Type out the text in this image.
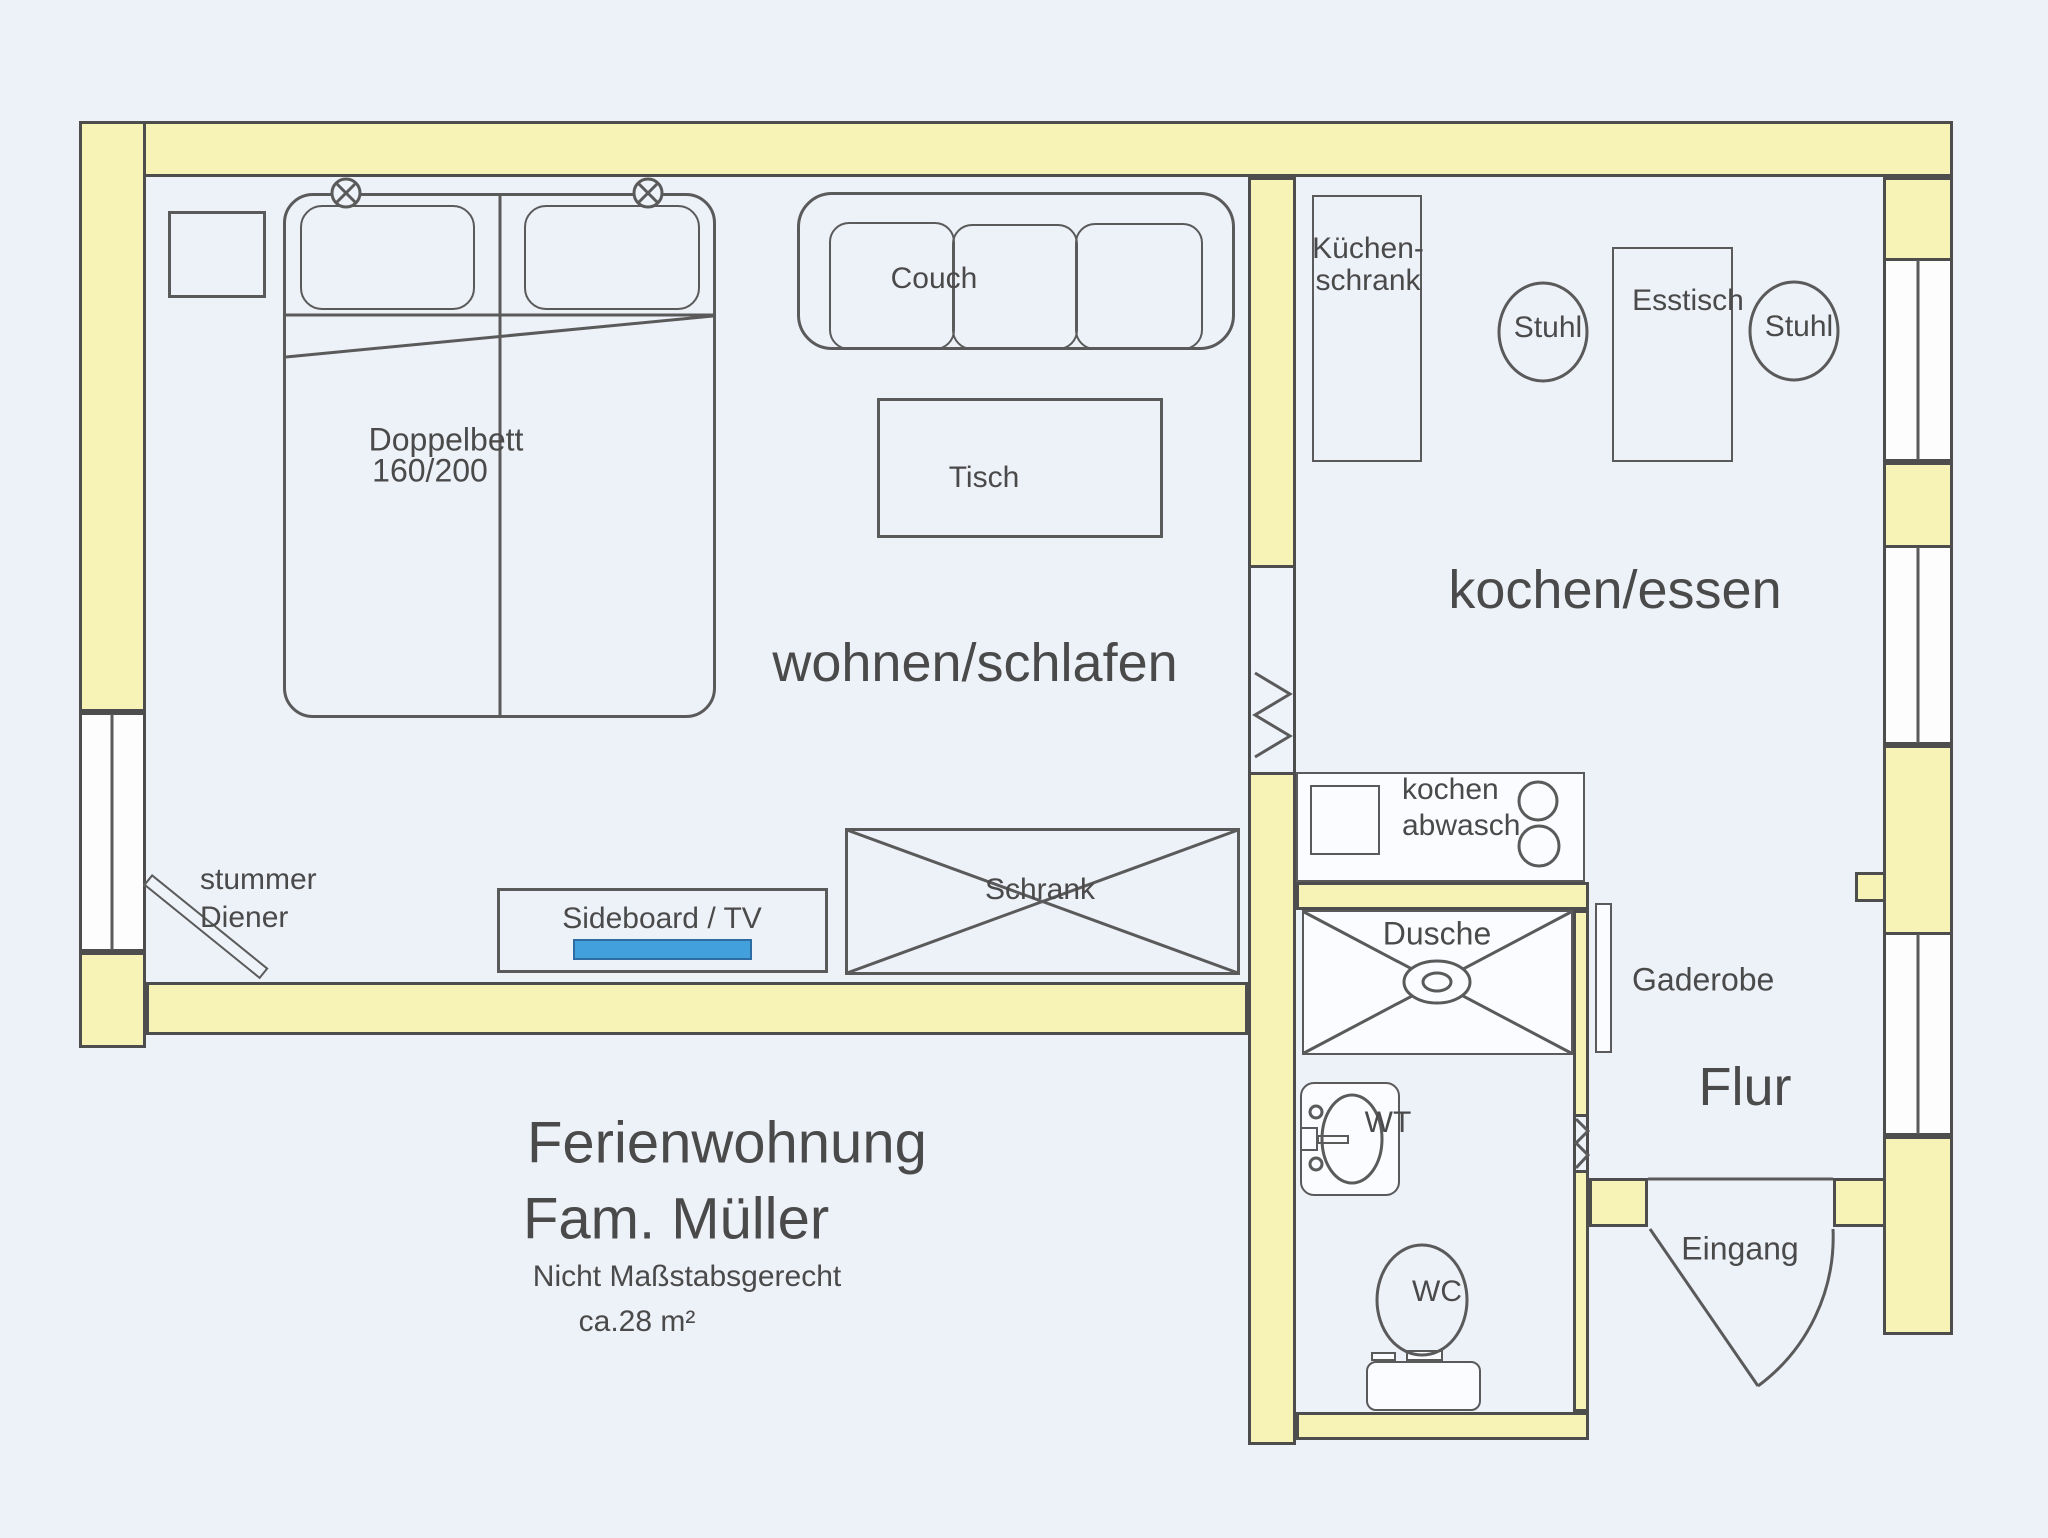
wohnen/schlafen
kochen/essen
Flur
Doppelbett
160/200
Couch
Tisch
Schrank
Sideboard / TV
stummer
Diener
Küchen-
schrank
Stuhl	Stuhl
Esstisch
kochen
abwasch
Dusche
WT
WC
Gaderobe
Eingang
Ferienwohnung
Fam. Müller
Nicht Maßstabsgerecht
ca.28 m²
